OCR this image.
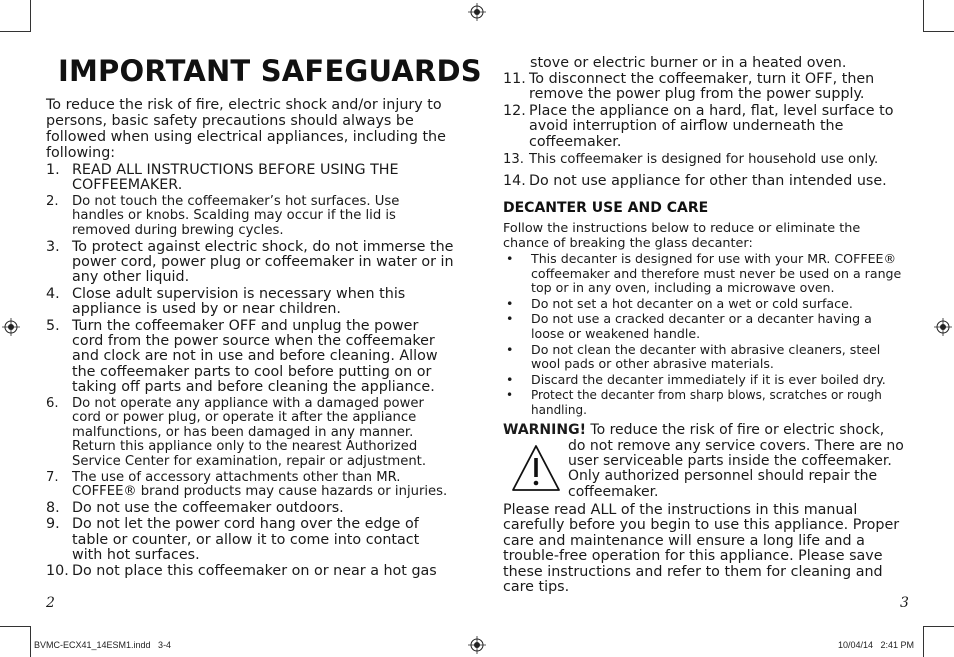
IMPORTANT SAFEGUARDS
To reduce the risk of fire, electric shock and/or injury to persons, basic safety precautions should always be followed when using electrical appliances, including the following:
1. READ ALL INSTRUCTIONS BEFORE USING THE COFFEEMAKER.
2. Do not touch the coffeemaker’s hot surfaces. Use handles or knobs. Scalding may occur if the lid is removed during brewing cycles.
3. To protect against electric shock, do not immerse the power cord, power plug or coffeemaker in water or in any other liquid.
4. Close adult supervision is necessary when this appliance is used by or near children.
5. Turn the coffeemaker OFF and unplug the power cord from the power source when the coffeemaker and clock are not in use and before cleaning. Allow the coffeemaker parts to cool before putting on or taking off parts and before cleaning the appliance.
6. Do not operate any appliance with a damaged power cord or power plug, or operate it after the appliance malfunctions, or has been damaged in any manner. Return this appliance only to the nearest Authorized Service Center for examination, repair or adjustment.
7. The use of accessory attachments other than MR. COFFEE® brand products may cause hazards or injuries.
8. Do not use the coffeemaker outdoors.
9. Do not let the power cord hang over the edge of table or counter, or allow it to come into contact with hot surfaces.
10. Do not place this coffeemaker on or near a hot gas
2
stove or electric burner or in a heated oven.
11. To disconnect the coffeemaker, turn it OFF, then remove the power plug from the power supply.
12. Place the appliance on a hard, flat, level surface to avoid interruption of airflow underneath the coffeemaker.
13. This coffeemaker is designed for household use only.
14. Do not use appliance for other than intended use.
DECANTER USE AND CARE
Follow the instructions below to reduce or eliminate the chance of breaking the glass decanter:
• This decanter is designed for use with your MR. COFFEE® coffeemaker and therefore must never be used on a range top or in any oven, including a microwave oven.
• Do not set a hot decanter on a wet or cold surface.
• Do not use a cracked decanter or a decanter having a loose or weakened handle.
• Do not clean the decanter with abrasive cleaners, steel wool pads or other abrasive materials.
• Discard the decanter immediately if it is ever boiled dry.
• Protect the decanter from sharp blows, scratches or rough handling.
WARNING! To reduce the risk of fire or electric shock,
do not remove any service covers. There are no user serviceable parts inside the coffeemaker. Only authorized personnel should repair the coffeemaker.
Please read ALL of the instructions in this manual carefully before you begin to use this appliance. Proper care and maintenance will ensure a long life and a trouble-free operation for this appliance. Please save these instructions and refer to them for cleaning and care tips.
3
BVMC-ECX41_14ESM1.indd   3-4	10/04/14   2:41 PM
